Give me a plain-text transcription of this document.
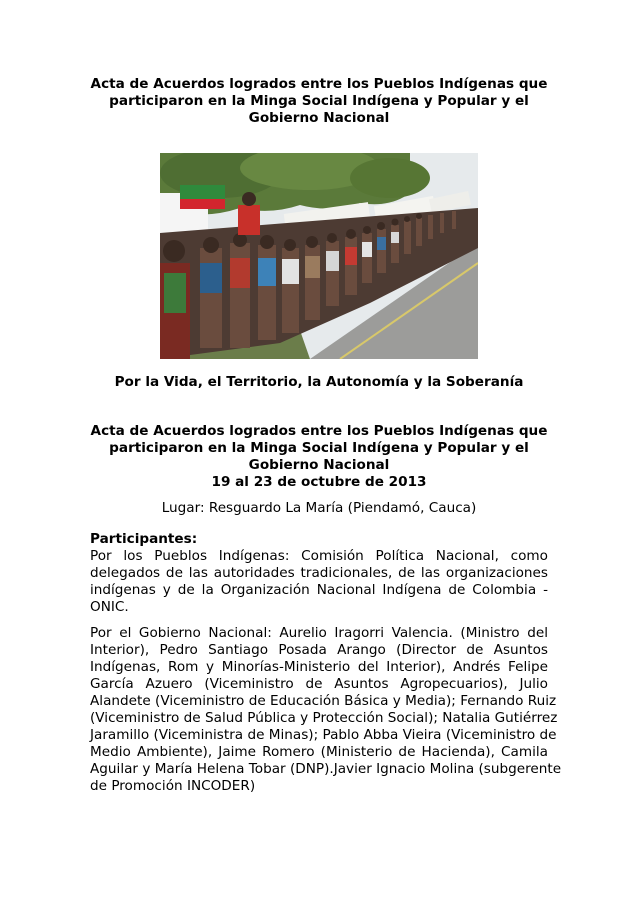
Acta de Acuerdos logrados entre los Pueblos Indígenas que
participaron en la Minga Social Indígena y Popular y el
Gobierno Nacional

Por la Vida, el Territorio, la Autonomía y la Soberanía

Acta de Acuerdos logrados entre los Pueblos Indígenas que
participaron en la Minga Social Indígena y Popular y el
Gobierno Nacional
19 al 23 de octubre de 2013

Lugar: Resguardo La María (Piendamó, Cauca)

Participantes:

Por los Pueblos Indígenas: Comisión Política Nacional, como
delegados de las autoridades tradicionales, de las organizaciones
indígenas y de la Organización Nacional Indígena de Colombia -
ONIC.

Por el Gobierno Nacional: Aurelio Iragorri Valencia. (Ministro del
Interior), Pedro Santiago Posada Arango (Director de Asuntos
Indígenas, Rom y Minorías-Ministerio del Interior), Andrés Felipe
García Azuero (Viceministro de Asuntos Agropecuarios), Julio
Alandete (Viceministro de Educación Básica y Media); Fernando Ruiz
(Viceministro de Salud Pública y Protección Social); Natalia Gutiérrez
Jaramillo (Viceministra de Minas); Pablo Abba Vieira (Viceministro de
Medio Ambiente), Jaime Romero (Ministerio de Hacienda), Camila
Aguilar y María Helena Tobar (DNP).Javier Ignacio Molina (subgerente
de Promoción INCODER)
